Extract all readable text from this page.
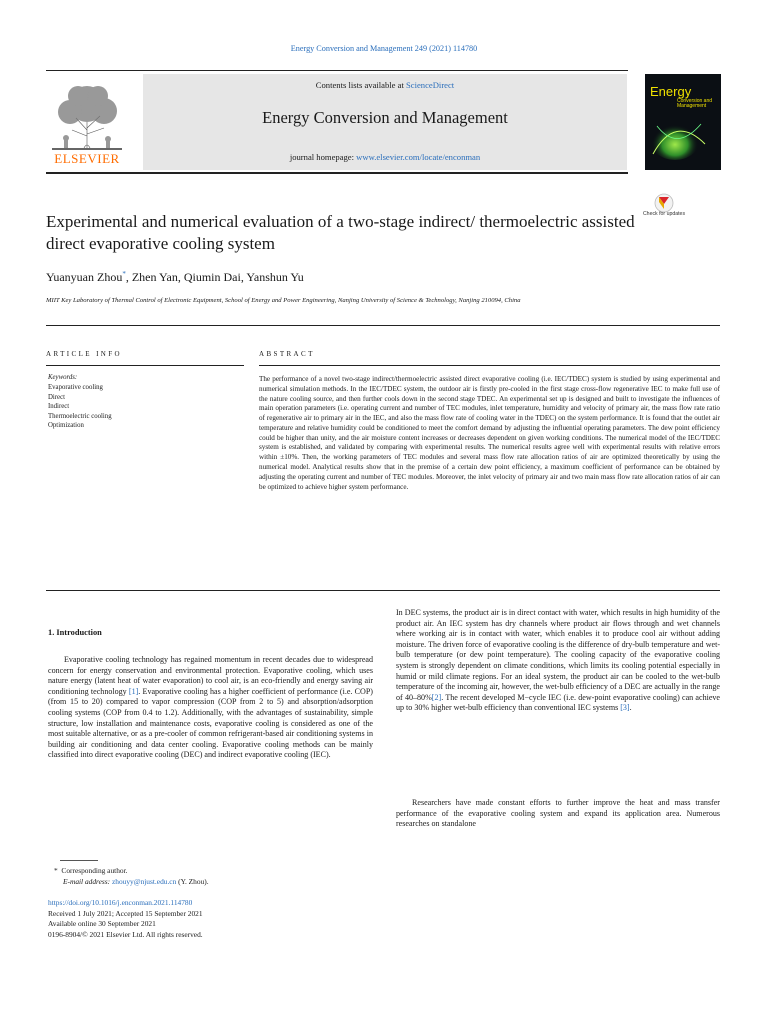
Energy Conversion and Management 249 (2021) 114780
ELSEVIER
Contents lists available at ScienceDirect
Energy Conversion and Management
journal homepage: www.elsevier.com/locate/enconman
Energy
Conversion and Management
Check for updates
Experimental and numerical evaluation of a two-stage indirect/ thermoelectric assisted direct evaporative cooling system
Yuanyuan Zhou*, Zhen Yan, Qiumin Dai, Yanshun Yu
MIIT Key Laboratory of Thermal Control of Electronic Equipment, School of Energy and Power Engineering, Nanjing University of Science & Technology, Nanjing 210094, China
ARTICLE INFO	ABSTRACT
Keywords:
Evaporative cooling
Direct
Indirect
Thermoelectric cooling
Optimization
The performance of a novel two-stage indirect/thermoelectric assisted direct evaporative cooling (i.e. IEC/TDEC) system is studied by using experimental and numerical simulation methods. In the IEC/TDEC system, the outdoor air is firstly pre-cooled in the first stage cross-flow regenerative IEC to make full use of the nature cooling source, and then further cools down in the second stage TDEC. An experimental set up is designed and built to investigate the influences of main operation parameters (i.e. operating current and number of TEC modules, inlet temperature, humidity and velocity of primary air, the mass flow rate ratio of regenerative air to primary air in the IEC, and also the mass flow rate of cooling water in the TDEC) on the system performance. It is found that the outlet air temperature and relative humidity could be conditioned to meet the comfort demand by adjusting the influential operating parameters. The dew point efficiency could be higher than unity, and the air moisture content increases or decreases dependent on given working conditions. The numerical model of the IEC/TDEC system is established, and validated by comparing with experimental results. The numerical results agree well with experimental results with relative errors within ±10%. Then, the working parameters of TEC modules and several mass flow rate allocation ratios of air are optimized theoretically by using the numerical model. Analytical results show that in the premise of a certain dew point efficiency, a maximum coefficient of performance can be obtained by adjusting the operating current and number of TEC modules. Moreover, the inlet velocity of primary air and two main mass flow rate allocation ratios of air can be optimized to achieve higher system performance.
1. Introduction

Evaporative cooling technology has regained momentum in recent decades due to widespread concern for energy conservation and environmental protection. Evaporative cooling, which uses nature energy (latent heat of water evaporation) to cool air, is an eco-friendly and energy saving air conditioning technology [1]. Evaporative cooling has a higher coefficient of performance (i.e. COP) (from 15 to 20) compared to vapor compression (COP from 2 to 5) and absorption/adsorption cooling systems (COP from 0.4 to 1.2). Additionally, with the advantages of sustainability, simple structure, low installation and maintenance costs, evaporative cooling is considered as one of the most suitable alternative, or as a pre-cooler of common refrigerant-based air conditioning systems in building air conditioning and data center cooling. Evaporative cooling methods can be mainly classified into direct evaporative cooling (DEC) and indirect evaporative cooling (IEC).

In DEC systems, the product air is in direct contact with water, which results in high humidity of the product air. An IEC system has dry channels where product air flows through and wet channels where working air is in contact with water, which enables it to produce cool air without adding moisture. The driven force of evaporative cooling is the difference of dry-bulb temperature and wet-bulb temperature (or dew point temperature). The cooling capacity of the evaporative cooling system is strongly dependent on climate conditions, which limits its cooling potential especially in humid or mild climate regions. For an ideal system, the product air can be cooled to the wet-bulb temperature of the incoming air, however, the wet-bulb efficiency of a DEC are actually in the range of 40–80%[2]. The recent developed M−cycle IEC (i.e. dew-point evaporative cooling) can achieve up to 30% higher wet-bulb efficiency than conventional IEC systems [3].

Researchers have made constant efforts to further improve the heat and mass transfer performance of the evaporative cooling system and expand its application area. Numerous researches on standalone

* Corresponding author.
E-mail address: zhouyy@njust.edu.cn (Y. Zhou).
https://doi.org/10.1016/j.enconman.2021.114780
Received 1 July 2021; Accepted 15 September 2021
Available online 30 September 2021
0196-8904/© 2021 Elsevier Ltd. All rights reserved.
